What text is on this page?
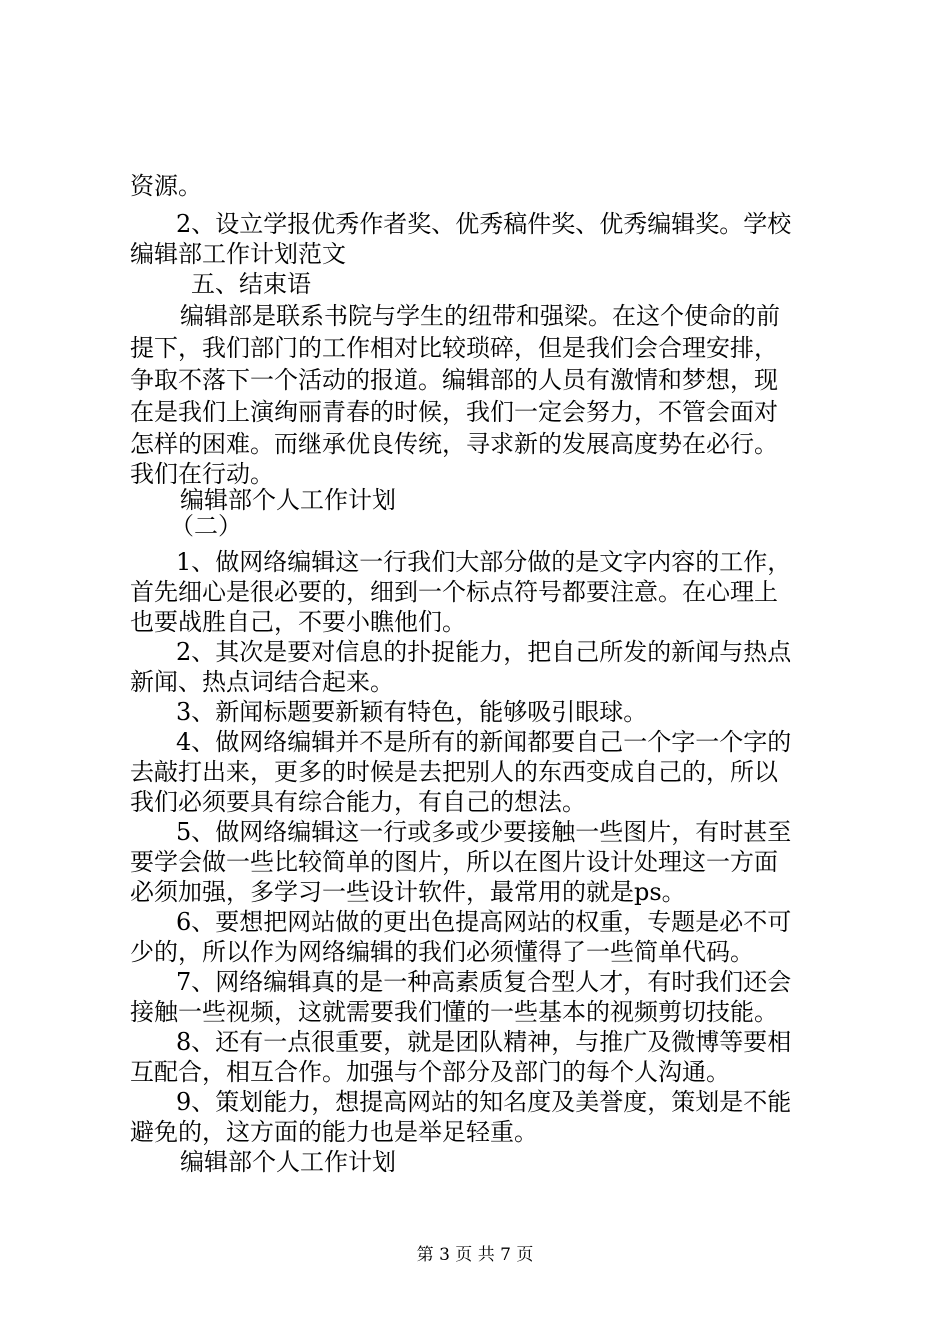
资源。
2、设立学报优秀作者奖、优秀稿件奖、优秀编辑奖。学校
编辑部工作计划范文
五、结束语
编辑部是联系书院与学生的纽带和强梁。在这个使命的前
提下，我们部门的工作相对比较琐碎，但是我们会合理安排，
争取不落下一个活动的报道。编辑部的人员有激情和梦想，现
在是我们上演绚丽青春的时候，我们一定会努力，不管会面对
怎样的困难。而继承优良传统，寻求新的发展高度势在必行。
我们在行动。
编辑部个人工作计划
（二）
1、做网络编辑这一行我们大部分做的是文字内容的工作，
首先细心是很必要的，细到一个标点符号都要注意。在心理上
也要战胜自己，不要小瞧他们。
2、其次是要对信息的扑捉能力，把自己所发的新闻与热点
新闻、热点词结合起来。
3、新闻标题要新颖有特色，能够吸引眼球。
4、做网络编辑并不是所有的新闻都要自己一个字一个字的
去敲打出来，更多的时候是去把别人的东西变成自己的，所以
我们必须要具有综合能力，有自己的想法。
5、做网络编辑这一行或多或少要接触一些图片，有时甚至
要学会做一些比较简单的图片，所以在图片设计处理这一方面
必须加强，多学习一些设计软件，最常用的就是ps。
6、要想把网站做的更出色提高网站的权重，专题是必不可
少的，所以作为网络编辑的我们必须懂得了一些简单代码。
7、网络编辑真的是一种高素质复合型人才，有时我们还会
接触一些视频，这就需要我们懂的一些基本的视频剪切技能。
8、还有一点很重要，就是团队精神，与推广及微博等要相
互配合，相互合作。加强与个部分及部门的每个人沟通。
9、策划能力，想提高网站的知名度及美誉度，策划是不能
避免的，这方面的能力也是举足轻重。
编辑部个人工作计划
第 3 页 共 7 页
